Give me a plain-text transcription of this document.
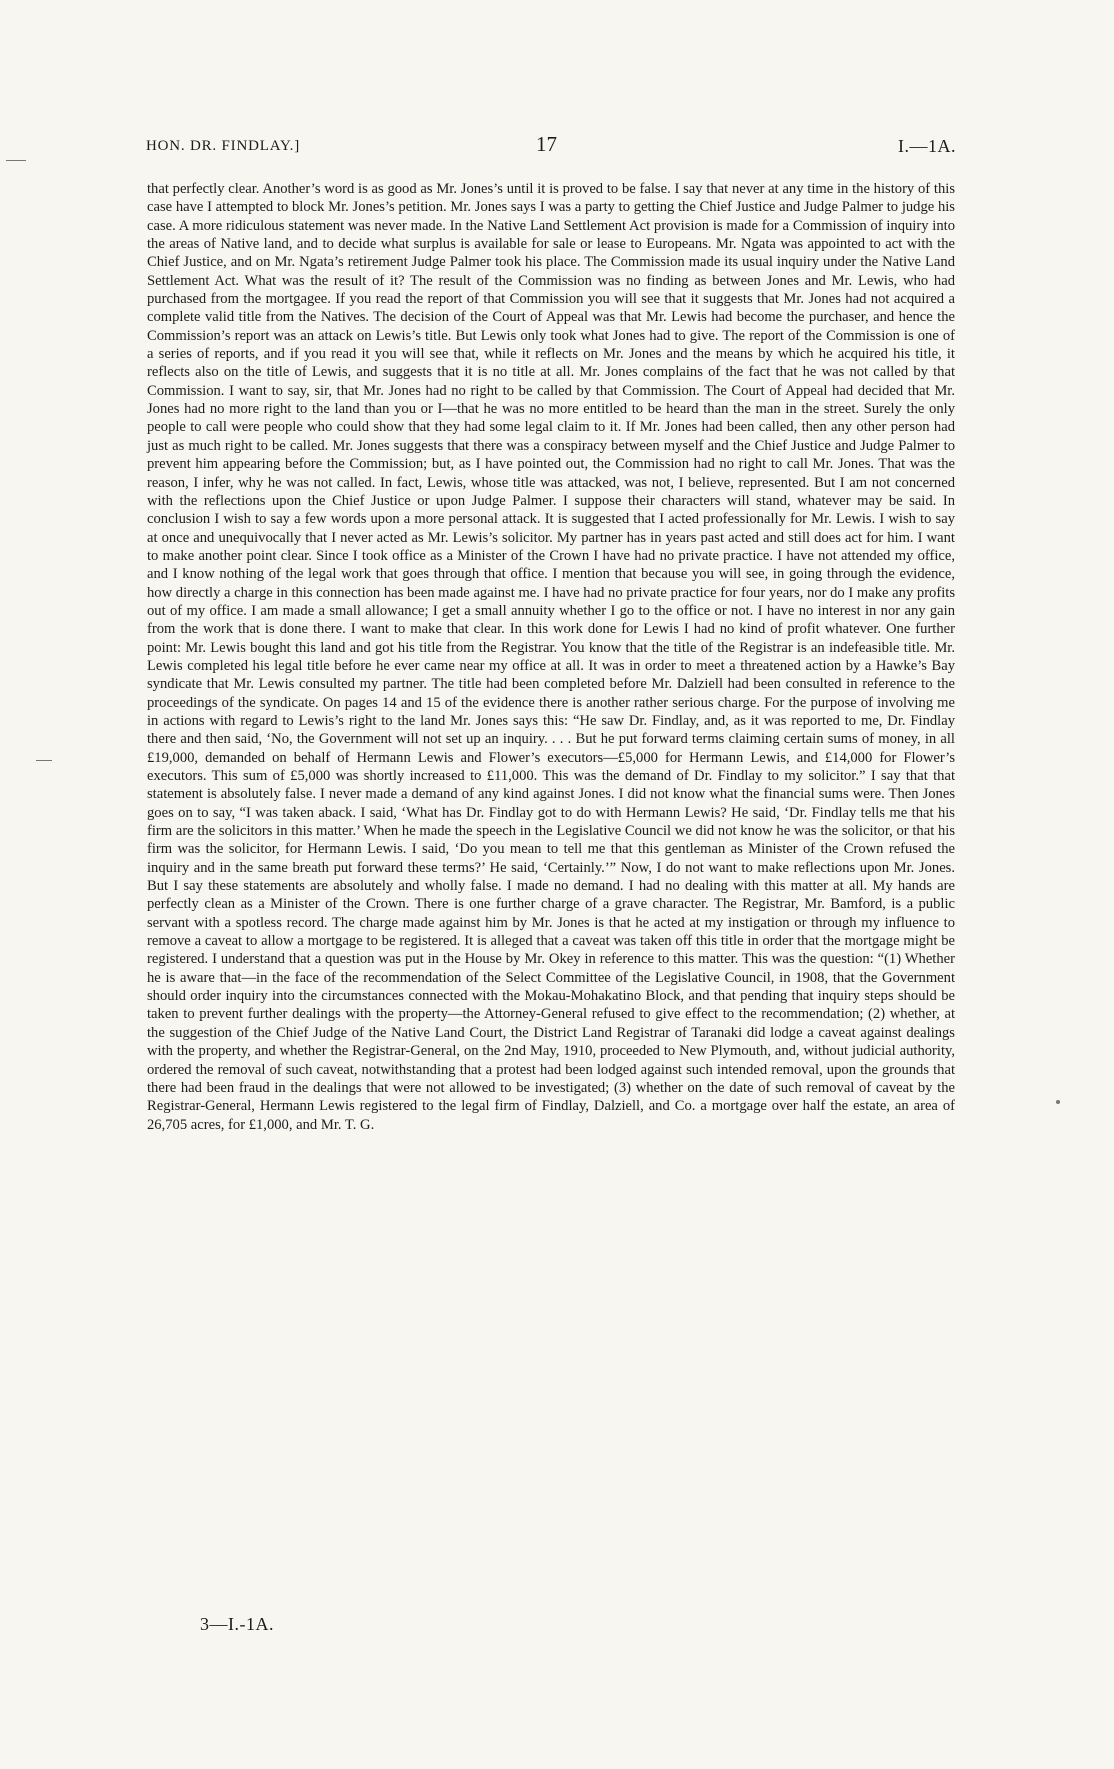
HON. DR. FINDLAY.]	17	I.—1A.
that perfectly clear. Another’s word is as good as Mr. Jones’s until it is proved to be false. I say that never at any time in the history of this case have I attempted to block Mr. Jones’s petition. Mr. Jones says I was a party to getting the Chief Justice and Judge Palmer to judge his case. A more ridiculous statement was never made. In the Native Land Settlement Act provision is made for a Commission of inquiry into the areas of Native land, and to decide what surplus is available for sale or lease to Europeans. Mr. Ngata was appointed to act with the Chief Justice, and on Mr. Ngata’s retirement Judge Palmer took his place. The Commission made its usual inquiry under the Native Land Settlement Act. What was the result of it? The result of the Commission was no finding as between Jones and Mr. Lewis, who had purchased from the mortgagee. If you read the report of that Commission you will see that it suggests that Mr. Jones had not acquired a complete valid title from the Natives. The decision of the Court of Appeal was that Mr. Lewis had become the purchaser, and hence the Commission’s report was an attack on Lewis’s title. But Lewis only took what Jones had to give. The report of the Commission is one of a series of reports, and if you read it you will see that, while it reflects on Mr. Jones and the means by which he acquired his title, it reflects also on the title of Lewis, and suggests that it is no title at all. Mr. Jones complains of the fact that he was not called by that Commission. I want to say, sir, that Mr. Jones had no right to be called by that Commission. The Court of Appeal had decided that Mr. Jones had no more right to the land than you or I—that he was no more entitled to be heard than the man in the street. Surely the only people to call were people who could show that they had some legal claim to it. If Mr. Jones had been called, then any other person had just as much right to be called. Mr. Jones suggests that there was a conspiracy between myself and the Chief Justice and Judge Palmer to prevent him appearing before the Commission; but, as I have pointed out, the Commission had no right to call Mr. Jones. That was the reason, I infer, why he was not called. In fact, Lewis, whose title was attacked, was not, I believe, represented. But I am not concerned with the reflections upon the Chief Justice or upon Judge Palmer. I suppose their characters will stand, whatever may be said. In conclusion I wish to say a few words upon a more personal attack. It is suggested that I acted professionally for Mr. Lewis. I wish to say at once and unequivocally that I never acted as Mr. Lewis’s solicitor. My partner has in years past acted and still does act for him. I want to make another point clear. Since I took office as a Minister of the Crown I have had no private practice. I have not attended my office, and I know nothing of the legal work that goes through that office. I mention that because you will see, in going through the evidence, how directly a charge in this connection has been made against me. I have had no private practice for four years, nor do I make any profits out of my office. I am made a small allowance; I get a small annuity whether I go to the office or not. I have no interest in nor any gain from the work that is done there. I want to make that clear. In this work done for Lewis I had no kind of profit whatever. One further point: Mr. Lewis bought this land and got his title from the Registrar. You know that the title of the Registrar is an indefeasible title. Mr. Lewis completed his legal title before he ever came near my office at all. It was in order to meet a threatened action by a Hawke’s Bay syndicate that Mr. Lewis consulted my partner. The title had been completed before Mr. Dalziell had been consulted in reference to the proceedings of the syndicate. On pages 14 and 15 of the evidence there is another rather serious charge. For the purpose of involving me in actions with regard to Lewis’s right to the land Mr. Jones says this: “He saw Dr. Findlay, and, as it was reported to me, Dr. Findlay there and then said, ‘No, the Government will not set up an inquiry. . . . But he put forward terms claiming certain sums of money, in all £19,000, demanded on behalf of Hermann Lewis and Flower’s executors—£5,000 for Hermann Lewis, and £14,000 for Flower’s executors. This sum of £5,000 was shortly increased to £11,000. This was the demand of Dr. Findlay to my solicitor.” I say that that statement is absolutely false. I never made a demand of any kind against Jones. I did not know what the financial sums were. Then Jones goes on to say, “I was taken aback. I said, ‘What has Dr. Findlay got to do with Hermann Lewis? He said, ‘Dr. Findlay tells me that his firm are the solicitors in this matter.’ When he made the speech in the Legislative Council we did not know he was the solicitor, or that his firm was the solicitor, for Hermann Lewis. I said, ‘Do you mean to tell me that this gentleman as Minister of the Crown refused the inquiry and in the same breath put forward these terms?’ He said, ‘Certainly.’” Now, I do not want to make reflections upon Mr. Jones. But I say these statements are absolutely and wholly false. I made no demand. I had no dealing with this matter at all. My hands are perfectly clean as a Minister of the Crown. There is one further charge of a grave character. The Registrar, Mr. Bamford, is a public servant with a spotless record. The charge made against him by Mr. Jones is that he acted at my instigation or through my influence to remove a caveat to allow a mortgage to be registered. It is alleged that a caveat was taken off this title in order that the mortgage might be registered. I understand that a question was put in the House by Mr. Okey in reference to this matter. This was the question: “(1) Whether he is aware that—in the face of the recommendation of the Select Committee of the Legislative Council, in 1908, that the Government should order inquiry into the circumstances connected with the Mokau-Mohakatino Block, and that pending that inquiry steps should be taken to prevent further dealings with the property—the Attorney-General refused to give effect to the recommendation; (2) whether, at the suggestion of the Chief Judge of the Native Land Court, the District Land Registrar of Taranaki did lodge a caveat against dealings with the property, and whether the Registrar-General, on the 2nd May, 1910, proceeded to New Plymouth, and, without judicial authority, ordered the removal of such caveat, notwithstanding that a protest had been lodged against such intended removal, upon the grounds that there had been fraud in the dealings that were not allowed to be investigated; (3) whether on the date of such removal of caveat by the Registrar-General, Hermann Lewis registered to the legal firm of Findlay, Dalziell, and Co. a mortgage over half the estate, an area of 26,705 acres, for £1,000, and Mr. T. G.
3—I.-1A.
